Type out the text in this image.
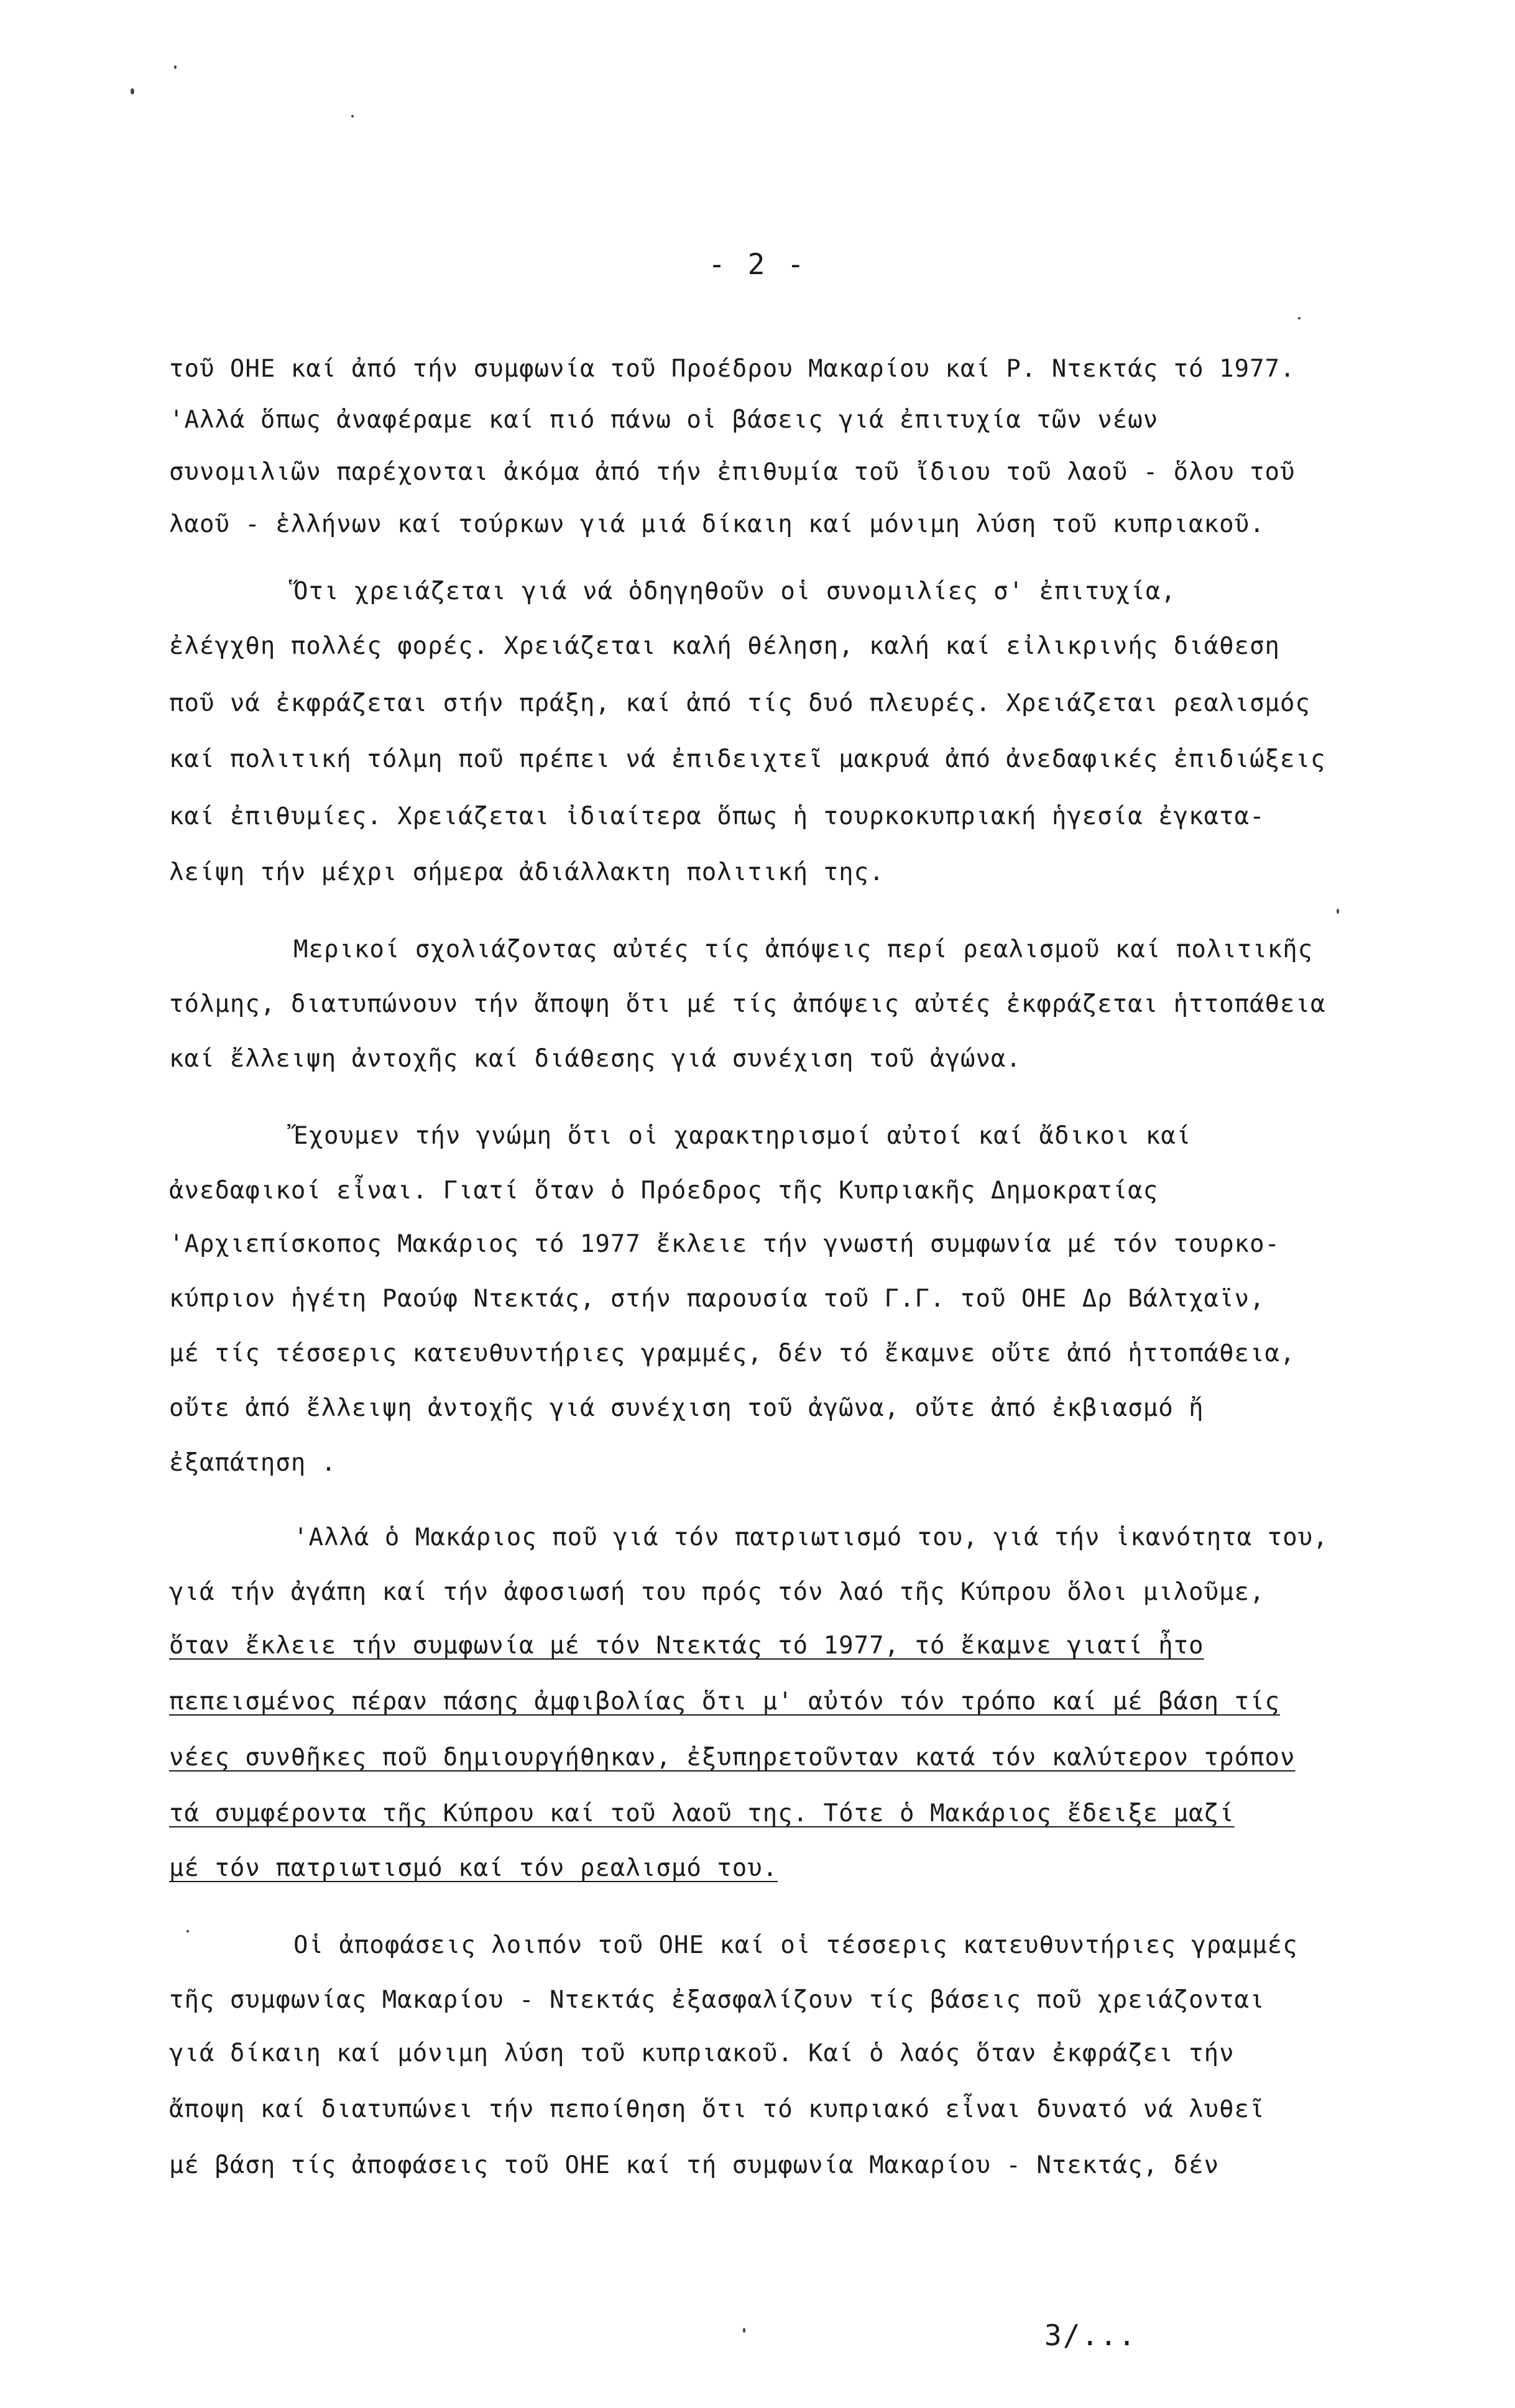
- 2 -
τοῦ ΟΗΕ καί ἀπό τήν συμφωνία τοῦ Προέδρου Μακαρίου καί Ρ. Ντεκτάς τό 1977.
'Αλλά ὅπως ἀναφέραμε καί πιό πάνω οἱ βάσεις γιά ἐπιτυχία τῶν νέων
συνομιλιῶν παρέχονται ἀκόμα ἀπό τήν ἐπιθυμία τοῦ ἴδιου τοῦ λαοῦ - ὅλου τοῦ
λαοῦ - ἑλλήνων καί τούρκων γιά μιά δίκαιη καί μόνιμη λύση τοῦ κυπριακοῦ.
Ὅτι χρειάζεται γιά νά ὁδηγηθοῦν οἱ συνομιλίες σ' ἐπιτυχία,
ἐλέγχθη πολλές φορές. Χρειάζεται καλή θέληση, καλή καί εἰλικρινής διάθεση
ποῦ νά ἐκφράζεται στήν πράξη, καί ἀπό τίς δυό πλευρές. Χρειάζεται ρεαλισμός
καί πολιτική τόλμη ποῦ πρέπει νά ἐπιδειχτεῖ μακρυά ἀπό ἀνεδαφικές ἐπιδιώξεις
καί ἐπιθυμίες. Χρειάζεται ἰδιαίτερα ὅπως ἡ τουρκοκυπριακή ἡγεσία ἐγκατα-
λείψη τήν μέχρι σήμερα ἀδιάλλακτη πολιτική της.
Μερικοί σχολιάζοντας αὐτές τίς ἀπόψεις περί ρεαλισμοῦ καί πολιτικῆς
τόλμης, διατυπώνουν τήν ἄποψη ὅτι μέ τίς ἀπόψεις αὐτές ἐκφράζεται ἡττοπάθεια
καί ἔλλειψη ἀντοχῆς καί διάθεσης γιά συνέχιση τοῦ ἀγώνα.
Ἔχουμεν τήν γνώμη ὅτι οἱ χαρακτηρισμοί αὐτοί καί ἄδικοι καί
ἀνεδαφικοί εἶναι. Γιατί ὅταν ὁ Πρόεδρος τῆς Κυπριακῆς Δημοκρατίας
'Αρχιεπίσκοπος Μακάριος τό 1977 ἔκλειε τήν γνωστή συμφωνία μέ τόν τουρκο-
κύπριον ἡγέτη Ραούφ Ντεκτάς, στήν παρουσία τοῦ Γ.Γ. τοῦ ΟΗΕ Δρ Βάλτχαϊν,
μέ τίς τέσσερις κατευθυντήριες γραμμές, δέν τό ἔκαμνε οὔτε ἀπό ἡττοπάθεια,
οὔτε ἀπό ἔλλειψη ἀντοχῆς γιά συνέχιση τοῦ ἀγῶνα, οὔτε ἀπό ἐκβιασμό ἤ
ἐξαπάτηση .
'Αλλά ὁ Μακάριος ποῦ γιά τόν πατριωτισμό του, γιά τήν ἱκανότητα του,
γιά τήν ἀγάπη καί τήν ἀφοσιωσή του πρός τόν λαό τῆς Κύπρου ὅλοι μιλοῦμε,
ὅταν ἔκλειε τήν συμφωνία μέ τόν Ντεκτάς τό 1977, τό ἔκαμνε γιατί ἦτο
πεπεισμένος πέραν πάσης ἀμφιβολίας ὅτι μ' αὐτόν τόν τρόπο καί μέ βάση τίς
νέες συνθῆκες ποῦ δημιουργήθηκαν, ἐξυπηρετοῦνταν κατά τόν καλύτερον τρόπον
τά συμφέροντα τῆς Κύπρου καί τοῦ λαοῦ της. Τότε ὁ Μακάριος ἔδειξε μαζί
μέ τόν πατριωτισμό καί τόν ρεαλισμό του.
Οἱ ἀποφάσεις λοιπόν τοῦ ΟΗΕ καί οἱ τέσσερις κατευθυντήριες γραμμές
τῆς συμφωνίας Μακαρίου - Ντεκτάς ἐξασφαλίζουν τίς βάσεις ποῦ χρειάζονται
γιά δίκαιη καί μόνιμη λύση τοῦ κυπριακοῦ. Καί ὁ λαός ὅταν ἐκφράζει τήν
ἄποψη καί διατυπώνει τήν πεποίθηση ὅτι τό κυπριακό εἶναι δυνατό νά λυθεῖ
μέ βάση τίς ἀποφάσεις τοῦ ΟΗΕ καί τή συμφωνία Μακαρίου - Ντεκτάς, δέν
3/...
